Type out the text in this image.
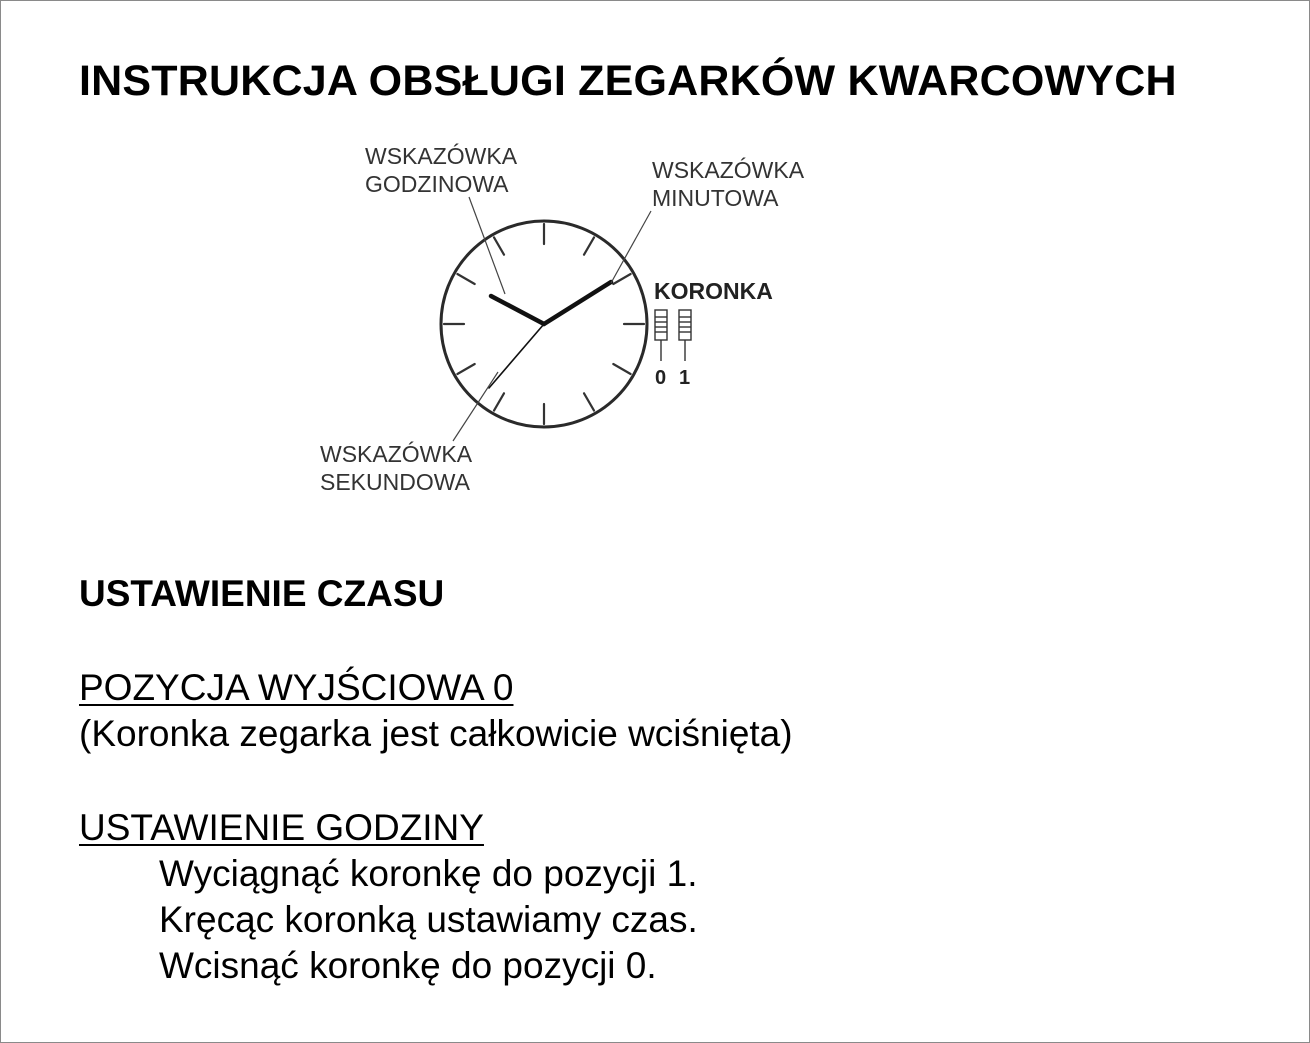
INSTRUKCJA OBSŁUGI ZEGARKÓW KWARCOWYCH
WSKAZÓWKA GODZINOWA
WSKAZÓWKA MINUTOWA
WSKAZÓWKA SEKUNDOWA
KORONKA
0 1
USTAWIENIE CZASU
POZYCJA WYJŚCIOWA 0
(Koronka zegarka jest całkowicie wciśnięta)
USTAWIENIE GODZINY
Wyciągnąć koronkę do pozycji 1.
Kręcąc koronką ustawiamy czas.
Wcisnąć koronkę do pozycji 0.
